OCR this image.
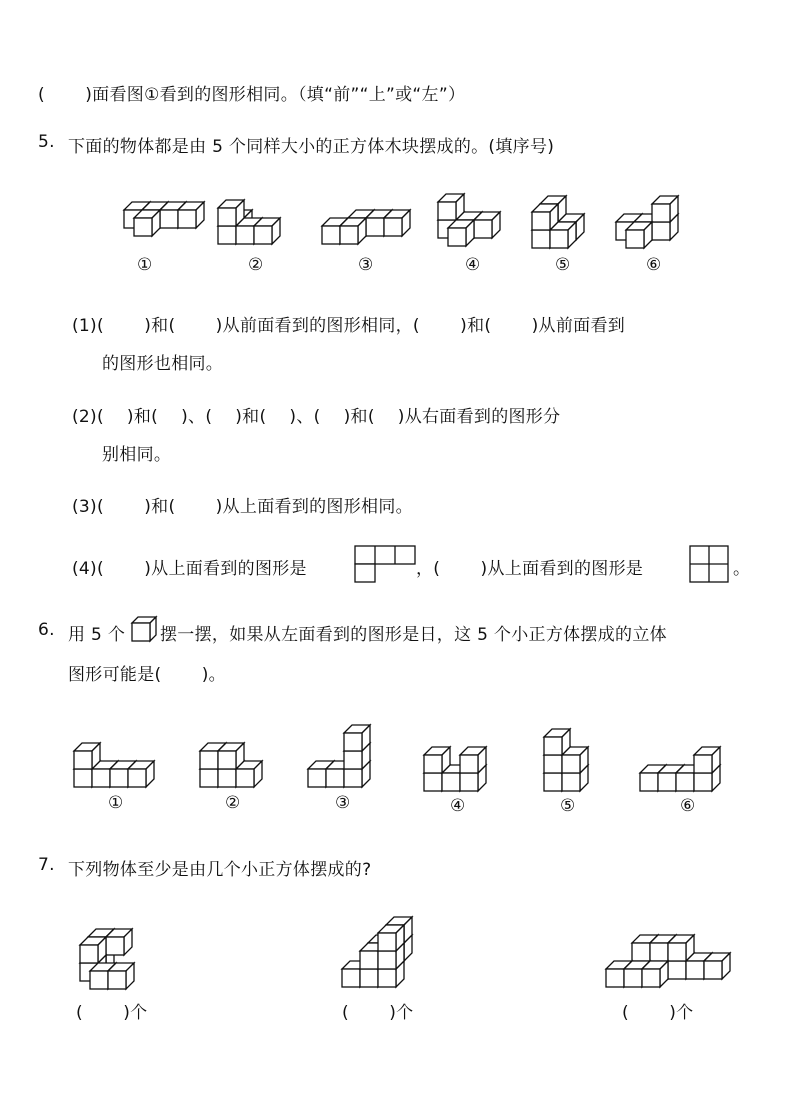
(　　 )面看图①看到的图形相同。（填“前”“上”或“左”）
5. 下面的物体都是由 5 个同样大小的正方体木块摆成的。(填序号)
①	②	③	④	⑤	⑥
(1)(　　 )和(　　 )从前面看到的图形相同，(　　 )和(　　 )从前面看到
的图形也相同。
(2)(　 )和(　 )、(　 )和(　 )、(　 )和(　 )从右面看到的图形分
别相同。
(3)(　　 )和(　　 )从上面看到的图形相同。
(4)(　　 )从上面看到的图形是	，(　　 )从上面看到的图形是	。
6. 用 5 个 摆一摆，如果从左面看到的图形是日，这 5 个小正方体摆成的立体
图形可能是(　　 )。
①	②	③	④	⑤	⑥
7. 下列物体至少是由几个小正方体摆成的?
(　　 )个	(　　 )个	(　　 )个
